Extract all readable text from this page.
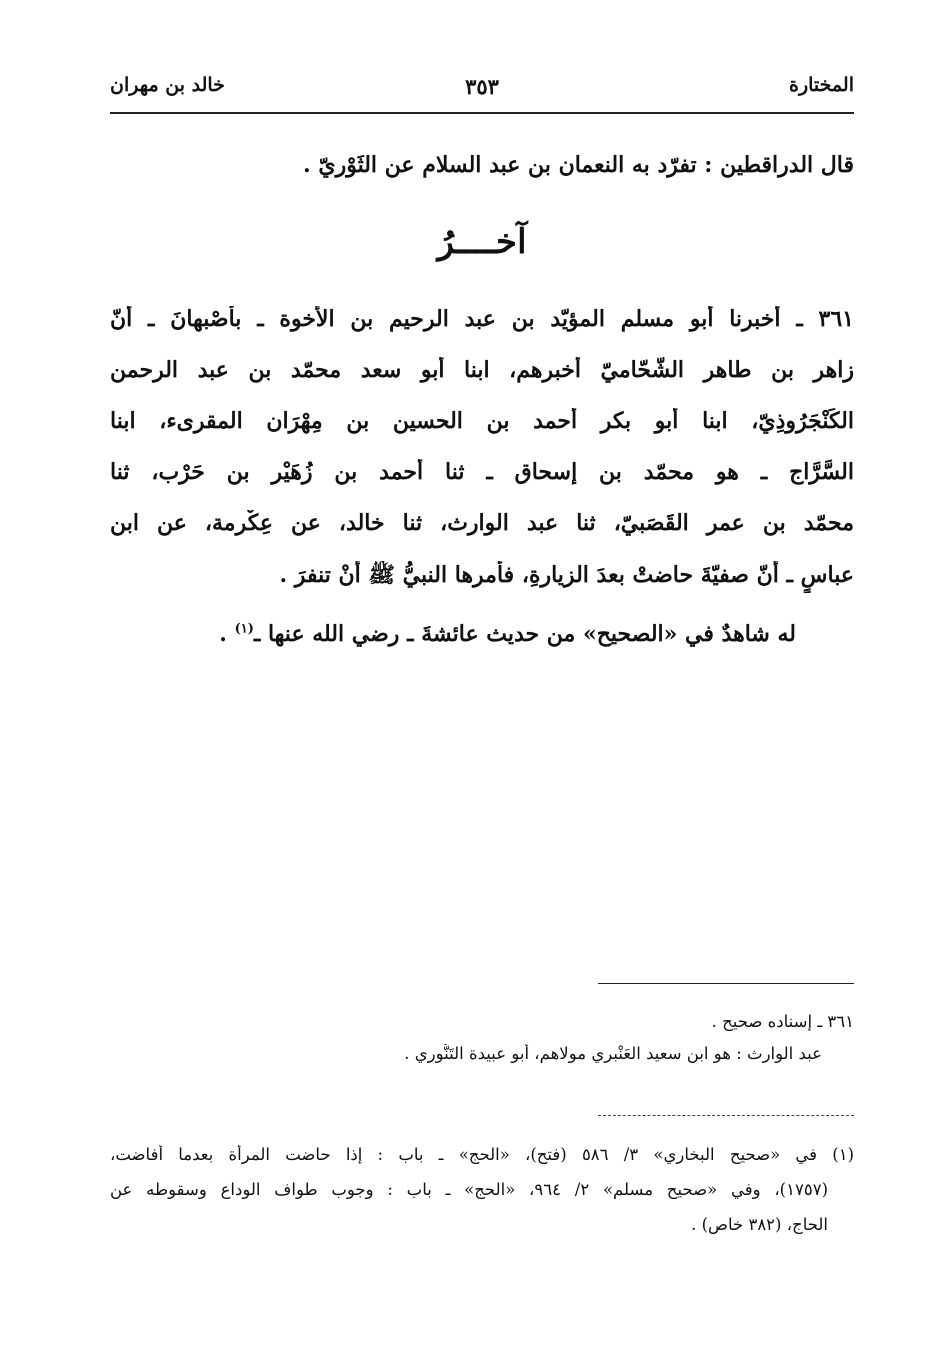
المختارة
٣٥٣
خالد بن مهران
قال الدراقطين : تفرّد به النعمان بن عبد السلام عن الثَوْريّ .
آخــــرُ
٣٦١ ـ أخبرنا أبو مسلم المؤيّد بن عبد الرحيم بن الأخوة ـ بأَصْبهانَ ـ أنّ
زاهر بن طاهر الشَّحّاميّ أخبرهم، ابنا أبو سعد محمّد بن عبد الرحمن
الكَنْجَرُوذِيّ، ابنا أبو بكر أحمد بن الحسين بن مِهْرَان المقرىء، ابنا
السَّرَّاج ـ هو محمّد بن إسحاق ـ ثنا أحمد بن زُهَيْر بن حَرْب، ثنا
محمّد بن عمر القَصَبيّ، ثنا عبد الوارث، ثنا خالد، عن عِكْرمة، عن ابنِ
عباسٍ ـ أنّ صفيّةَ حاضتْ بعدَ الزيارةِ، فأمرها النبيُّ ﷺ أنْ تنفرَ .
له شاهدٌ في «الصحيح» من حديث عائشةَ ـ رضي الله عنها ـ$^{(١)}$ .
٣٦١ ـ إسناده صحيح .
عبد الوارث : هو ابن سعيد العَنْبري مولاهم، أبو عبيدة التَنُّوري .
(١) في «صحيح البخاري» ٣/ ٥٨٦ (فتح)، «الحج» ـ باب : إذا حاضت المرأة بعدما أفاضت،
(١٧٥٧)، وفي «صحيح مسلم» ٢/ ٩٦٤، «الحج» ـ باب : وجوب طواف الوداع وسقوطه عن
الحاج، (٣٨٢ خاص) .
